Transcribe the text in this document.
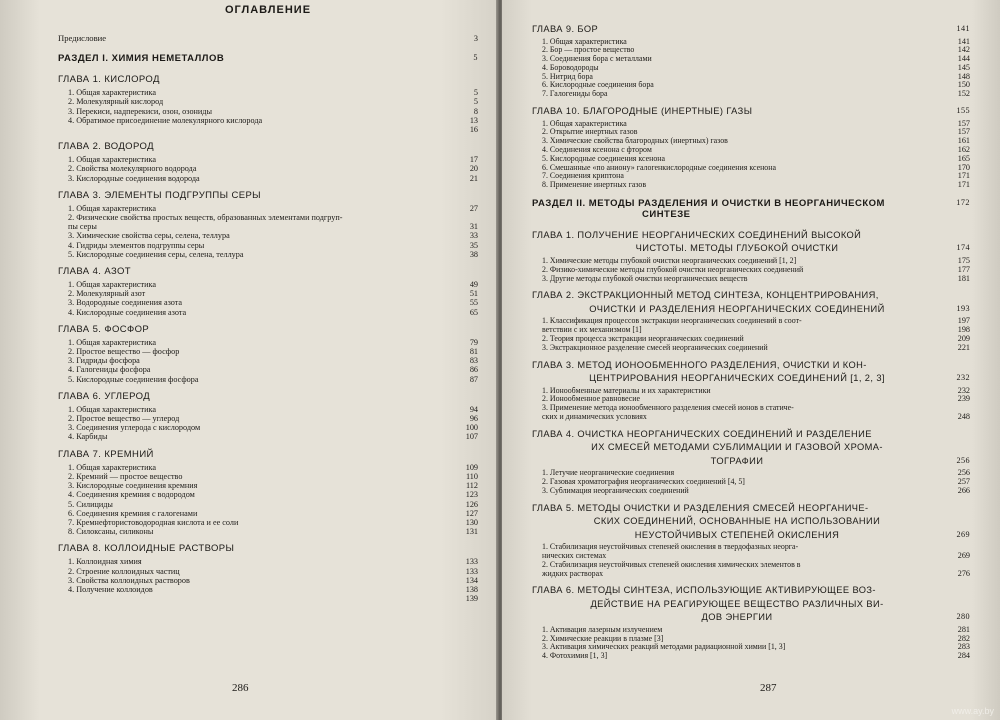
ОГЛАВЛЕНИЕ
Предисловие	3
РАЗДЕЛ I. ХИМИЯ НЕМЕТАЛЛОВ	5
ГЛАВА 1. КИСЛОРОД
1. Общая характеристика	5
2. Молекулярный кислород	5
3. Перекиси, надперекиси, озон, озониды	8
4. Обратимое присоединение молекулярного кислорода	13
16
ГЛАВА 2. ВОДОРОД
1. Общая характеристика	17
2. Свойства молекулярного водорода	20
3. Кислородные соединения водорода	21
ГЛАВА 3. ЭЛЕМЕНТЫ ПОДГРУППЫ СЕРЫ
1. Общая характеристика	27
2. Физические свойства простых веществ, образованных элементами подгруп-
пы серы	31
3. Химические свойства серы, селена, теллура	33
4. Гидриды элементов подгруппы серы	35
5. Кислородные соединения серы, селена, теллура	38
ГЛАВА 4. АЗОТ
1. Общая характеристика	49
2. Молекулярный азот	51
3. Водородные соединения азота	55
4. Кислородные соединения азота	65
ГЛАВА 5. ФОСФОР
1. Общая характеристика	79
2. Простое вещество — фосфор	81
3. Гидриды фосфора	83
4. Галогениды фосфора	86
5. Кислородные соединения фосфора	87
ГЛАВА 6. УГЛЕРОД
1. Общая характеристика	94
2. Простое вещество — углерод	96
3. Соединения углерода с кислородом	100
4. Карбиды	107
ГЛАВА 7. КРЕМНИЙ
1. Общая характеристика	109
2. Кремний — простое вещество	110
3. Кислородные соединения кремния	112
4. Соединения кремния с водородом	123
5. Силициды	126
6. Соединения кремния с галогенами	127
7. Кремнефтористоводородная кислота и ее соли	130
8. Силоксаны, силиконы	131
ГЛАВА 8. КОЛЛОИДНЫЕ РАСТВОРЫ
1. Коллоидная химия	133
2. Строение коллоидных частиц	133
3. Свойства коллоидных растворов	134
4. Получение коллоидов	138
139
286
ГЛАВА 9. БОР	141
1. Общая характеристика	141
2. Бор — простое вещество	142
3. Соединения бора с металлами	144
4. Бороводороды	145
5. Нитрид бора	148
6. Кислородные соединения бора	150
7. Галогениды бора	152
ГЛАВА 10. БЛАГОРОДНЫЕ (ИНЕРТНЫЕ) ГАЗЫ	155
1. Общая характеристика	157
2. Открытие инертных газов	157
3. Химические свойства благородных (инертных) газов	161
4. Соединения ксенона с фтором	162
5. Кислородные соединения ксенона	165
6. Смешанные «по аниону» галогенкислородные соединения ксенона	170
7. Соединения криптона	171
8. Применение инертных газов	171
РАЗДЕЛ II. МЕТОДЫ РАЗДЕЛЕНИЯ И ОЧИСТКИ В НЕОРГАНИЧЕСКОМ	172
СИНТЕЗЕ
ГЛАВА 1. ПОЛУЧЕНИЕ НЕОРГАНИЧЕСКИХ СОЕДИНЕНИЙ ВЫСОКОЙ
ЧИСТОТЫ. МЕТОДЫ ГЛУБОКОЙ ОЧИСТКИ	174
1. Химические методы глубокой очистки неорганических соединений [1, 2]	175
2. Физико-химические методы глубокой очистки неорганических соединений	177
3. Другие методы глубокой очистки неорганических веществ	181
ГЛАВА 2. ЭКСТРАКЦИОННЫЙ МЕТОД СИНТЕЗА, КОНЦЕНТРИРОВАНИЯ,
ОЧИСТКИ И РАЗДЕЛЕНИЯ НЕОРГАНИЧЕСКИХ СОЕДИНЕНИЙ	193
1. Классификация процессов экстракции неорганических соединений в соот-	197
ветствии с их механизмом [1]	198
2. Теория процесса экстракции неорганических соединений	209
3. Экстракционное разделение смесей неорганических соединений	221
ГЛАВА 3. МЕТОД ИОНООБМЕННОГО РАЗДЕЛЕНИЯ, ОЧИСТКИ И КОН-
ЦЕНТРИРОВАНИЯ НЕОРГАНИЧЕСКИХ СОЕДИНЕНИЙ [1, 2, 3]	232
1. Ионообменные материалы и их характеристики	232
2. Ионообменное равновесие	239
3. Применение метода ионообменного разделения смесей ионов в статиче-
ских и динамических условиях	248
ГЛАВА 4. ОЧИСТКА НЕОРГАНИЧЕСКИХ СОЕДИНЕНИЙ И РАЗДЕЛЕНИЕ
ИХ СМЕСЕЙ МЕТОДАМИ СУБЛИМАЦИИ И ГАЗОВОЙ ХРОМА-
ТОГРАФИИ	256
1. Летучие неорганические соединения	256
2. Газовая хроматография неорганических соединений [4, 5]	257
3. Сублимация неорганических соединений	266
ГЛАВА 5. МЕТОДЫ ОЧИСТКИ И РАЗДЕЛЕНИЯ СМЕСЕЙ НЕОРГАНИЧЕ-
СКИХ СОЕДИНЕНИЙ, ОСНОВАННЫЕ НА ИСПОЛЬЗОВАНИИ
НЕУСТОЙЧИВЫХ СТЕПЕНЕЙ ОКИСЛЕНИЯ	269
1. Стабилизация неустойчивых степеней окисления в твердофазных неорга-
нических системах	269
2. Стабилизация неустойчивых степеней окисления химических элементов в
жидких растворах	276
ГЛАВА 6. МЕТОДЫ СИНТЕЗА, ИСПОЛЬЗУЮЩИЕ АКТИВИРУЮЩЕЕ ВОЗ-
ДЕЙСТВИЕ НА РЕАГИРУЮЩЕЕ ВЕЩЕСТВО РАЗЛИЧНЫХ ВИ-
ДОВ ЭНЕРГИИ	280
1. Активация лазерным излучением	281
2. Химические реакции в плазме [3]	282
3. Активация химических реакций методами радиационной химии [1, 3]	283
4. Фотохимия [1, 3]	284
287
www.ay.by
